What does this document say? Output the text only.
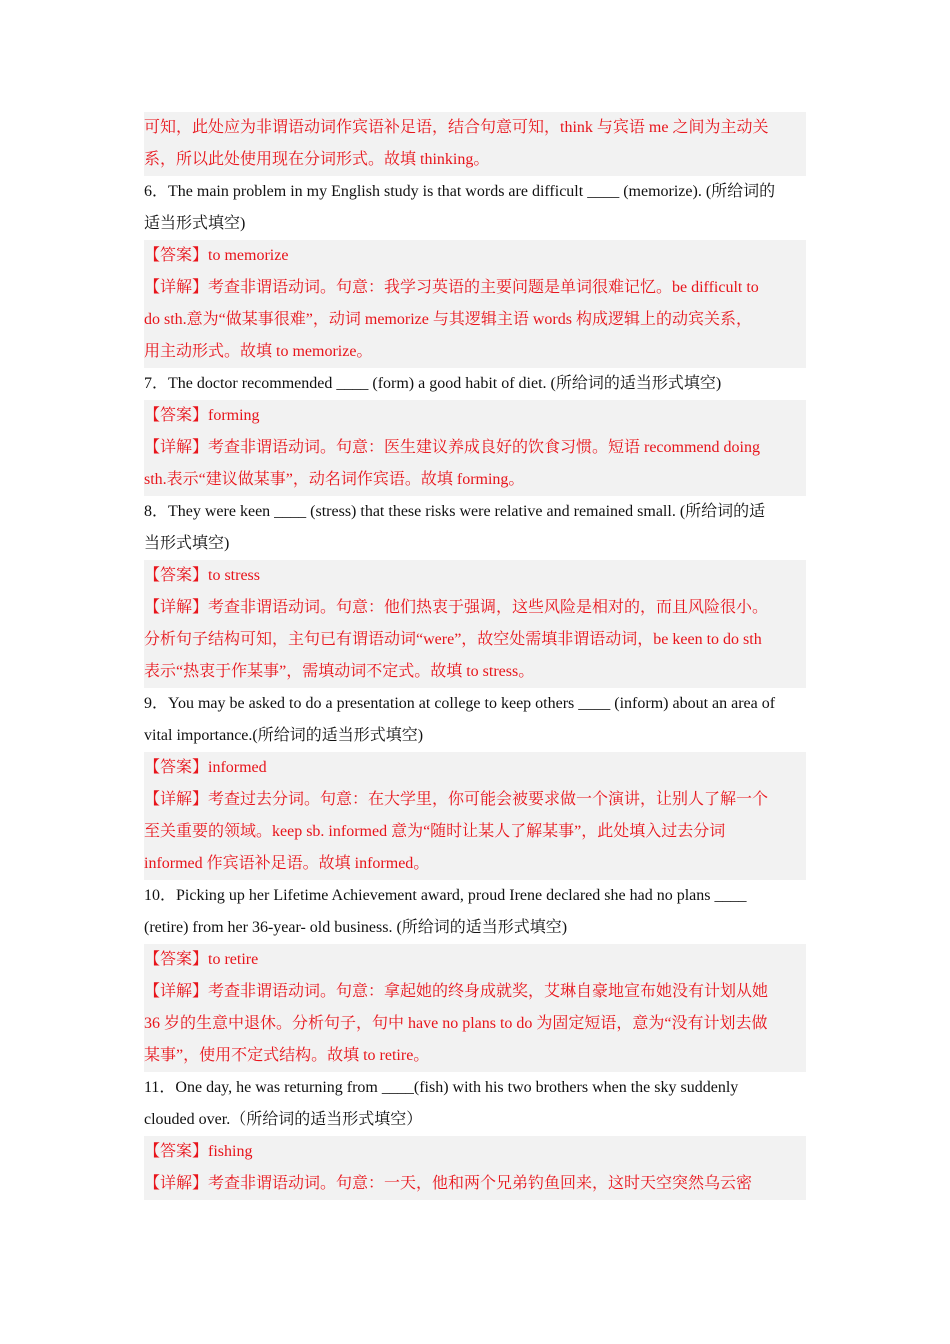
可知，此处应为非谓语动词作宾语补足语，结合句意可知，think 与宾语 me 之间为主动关
系，所以此处使用现在分词形式。故填 thinking。
6．The main problem in my English study is that words are difficult ____ (memorize). (所给词的
适当形式填空)
【答案】to memorize
【详解】考查非谓语动词。句意：我学习英语的主要问题是单词很难记忆。be difficult to
do sth.意为“做某事很难”，动词 memorize 与其逻辑主语 words 构成逻辑上的动宾关系，
用主动形式。故填 to memorize。
7．The doctor recommended ____ (form) a good habit of diet. (所给词的适当形式填空)
【答案】forming
【详解】考查非谓语动词。句意：医生建议养成良好的饮食习惯。短语 recommend doing
sth.表示“建议做某事”，动名词作宾语。故填 forming。
8．They were keen ____ (stress) that these risks were relative and remained small. (所给词的适
当形式填空)
【答案】to stress
【详解】考查非谓语动词。句意：他们热衷于强调，这些风险是相对的，而且风险很小。
分析句子结构可知，主句已有谓语动词“were”，故空处需填非谓语动词，be keen to do sth
表示“热衷于作某事”，需填动词不定式。故填 to stress。
9．You may be asked to do a presentation at college to keep others ____ (inform) about an area of
vital importance.(所给词的适当形式填空)
【答案】informed
【详解】考查过去分词。句意：在大学里，你可能会被要求做一个演讲，让别人了解一个
至关重要的领域。keep sb. informed 意为“随时让某人了解某事”，此处填入过去分词
informed 作宾语补足语。故填 informed。
10．Picking up her Lifetime Achievement award, proud Irene declared she had no plans ____
(retire) from her 36-year- old business. (所给词的适当形式填空)
【答案】to retire
【详解】考查非谓语动词。句意：拿起她的终身成就奖，艾琳自豪地宣布她没有计划从她
36 岁的生意中退休。分析句子，句中 have no plans to do 为固定短语，意为“没有计划去做
某事”，使用不定式结构。故填 to retire。
11．One day, he was returning from ____(fish) with his two brothers when the sky suddenly
clouded over.（所给词的适当形式填空）
【答案】fishing
【详解】考查非谓语动词。句意：一天，他和两个兄弟钓鱼回来，这时天空突然乌云密
